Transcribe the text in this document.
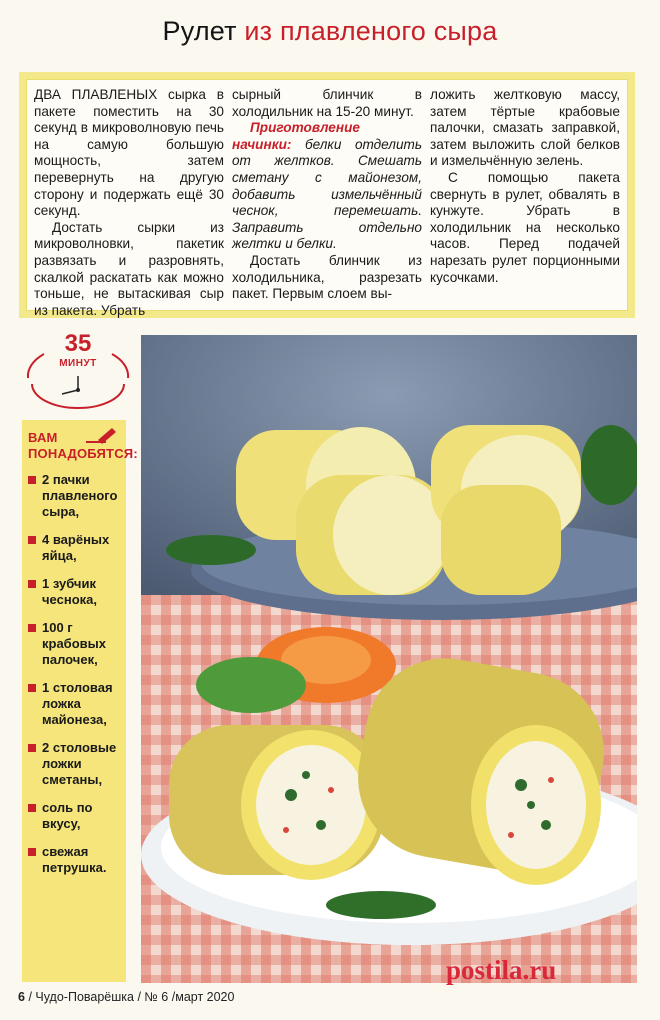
Рулет из плавленого сыра

ДВА ПЛАВЛЕНЫХ сырка в пакете поместить на 30 секунд в микроволновую печь на самую большую мощность, затем перевернуть на другую сторону и подержать ещё 30 секунд.

Достать сырки из микроволновки, пакетик развязать и разровнять, скалкой раскатать как можно тоньше, не вытаскивая сыр из пакета. Убрать

сырный блинчик в холодильник на 15-20 минут.

Приготовление начинки: белки отделить от желтков. Смешать сметану с майонезом, добавить измельчённый чеснок, перемешать. Заправить отдельно желтки и белки.

Достать блинчик из холодильника, разрезать пакет. Первым слоем вы-

ложить желтковую массу, затем тёртые крабовые палочки, смазать заправкой, затем выложить слой белков и измельчённую зелень.

С помощью пакета свернуть в рулет, обвалять в кунжуте. Убрать в холодильник на несколько часов. Перед подачей нарезать рулет порционными кусочками.

35
МИНУТ
ВАМ
ПОНАДОБЯТСЯ:
2 пачки плавленого сыра,
4 варёных яйца,
1 зубчик чеснока,
100 г крабовых палочек,
1 столовая ложка майонеза,
2 столовые ложки сметаны,
соль по вкусу,
свежая петрушка.
postila.ru
6 / Чудо-Поварёшка / № 6 /март 2020
